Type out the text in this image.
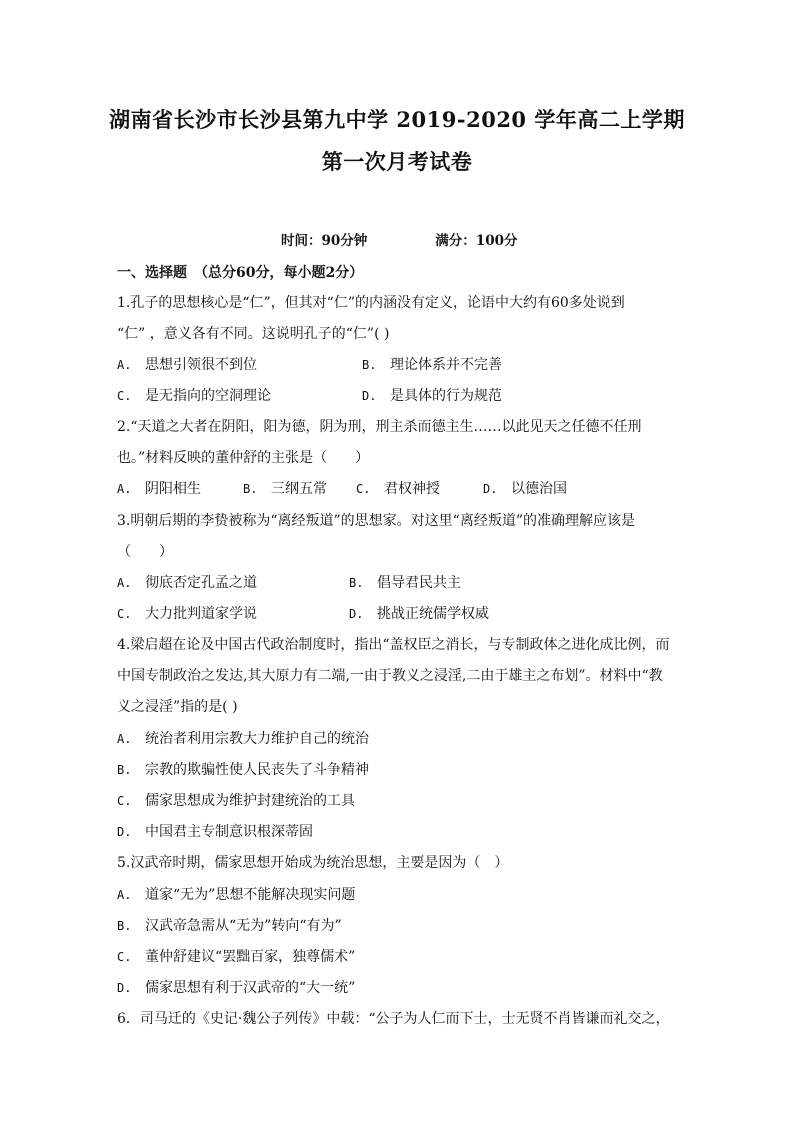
湖南省长沙市长沙县第九中学 2019-2020 学年高二上学期
第一次月考试卷
时间：90分钟	满分：100分
一、选择题　（总分60分，每小题2分）
1.孔子的思想核心是“仁”，但其对“仁”的内涵没有定义，论语中大约有60多处说到
“仁” ，意义各有不同。这说明孔子的“仁”( )
A. 思想引领很不到位	B. 理论体系并不完善
C. 是无指向的空洞理论	D. 是具体的行为规范
2.“天道之大者在阴阳，阳为德，阴为刑，刑主杀而德主生……以此见天之任德不任刑
也。”材料反映的董仲舒的主张是（　　）
A. 阴阳相生	B. 三纲五常 C. 君权神授	D. 以德治国
3.明朝后期的李贽被称为“离经叛道”的思想家。对这里“离经叛道”的准确理解应该是
（　　）
A. 彻底否定孔孟之道	B. 倡导君民共主
C. 大力批判道家学说	D. 挑战正统儒学权威
4.梁启超在论及中国古代政治制度时，指出“盖权臣之消长，与专制政体之进化成比例，而
中国专制政治之发达,其大原力有二端,一由于教义之浸淫,二由于雄主之布划”。材料中“教
义之浸淫”指的是( )
A. 统治者利用宗教大力维护自己的统治
B. 宗教的欺骗性使人民丧失了斗争精神
C. 儒家思想成为维护封建统治的工具
D. 中国君主专制意识根深蒂固
5.汉武帝时期，儒家思想开始成为统治思想，主要是因为（　）
A. 道家“无为”思想不能解决现实问题
B. 汉武帝急需从“无为”转向“有为”
C. 董仲舒建议“罢黜百家，独尊儒术”
D. 儒家思想有利于汉武帝的“大一统”
6．司马迁的《史记·魏公子列传》中载：“公子为人仁而下士，士无贤不肖皆谦而礼交之，
